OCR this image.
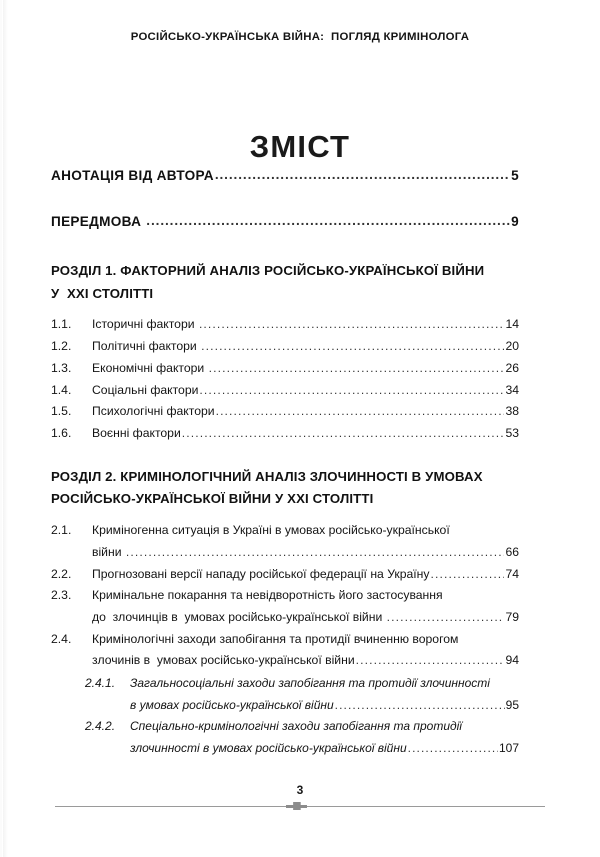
РОСІЙСЬКО-УКРАЇНСЬКА ВІЙНА:  ПОГЛЯД КРИМІНОЛОГА
ЗМІСТ
АНОТАЦІЯ ВІД АВТОРА .....	5
ПЕРЕДМОВА .....	9
РОЗДІЛ 1. ФАКТОРНИЙ АНАЛІЗ РОСІЙСЬКО-УКРАЇНСЬКОЇ ВІЙНИ
У  ХХІ СТОЛІТТІ
1.1.	Історичні фактори .....	14
1.2.	Політичні фактори .....	20
1.3.	Економічні фактори .....	26
1.4.	Соціальні фактори .....	34
1.5.	Психологічні фактори .....	38
1.6.	Воєнні фактори .....	53
РОЗДІЛ 2. КРИМІНОЛОГІЧНИЙ АНАЛІЗ ЗЛОЧИННОСТІ В УМОВАХ
РОСІЙСЬКО-УКРАЇНСЬКОЇ ВІЙНИ У ХХІ СТОЛІТТІ
2.1.	Криміногенна ситуація в Україні в умовах російсько-української
війни .....	66
2.2.	Прогнозовані версії нападу російської федерації на Україну .....	74
2.3.	Кримінальне покарання та невідворотність його застосування
до  злочинців в  умовах російсько-української війни .....	79
2.4.	Кримінологічні заходи запобігання та протидії вчиненню ворогом
злочинів в  умовах російсько-української війни .....	94
2.4.1.	Загальносоціальні заходи запобігання та протидії злочинності
в умовах російсько-української війни .....	95
2.4.2.	Спеціально-кримінологічні заходи запобігання та протидії
злочинності в умовах російсько-української війни .....	107
3
